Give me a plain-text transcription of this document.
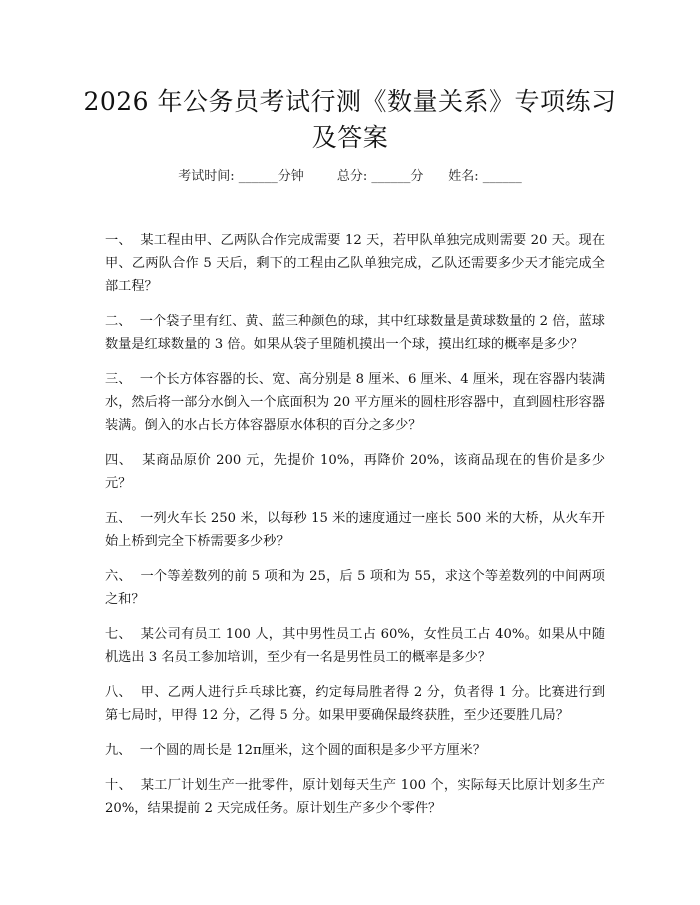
2026 年公务员考试行测《数量关系》专项练习及答案
考试时间: ______分钟	总分: ______分 姓名: ______
一、 某工程由甲、乙两队合作完成需要 12 天，若甲队单独完成则需要 20 天。现在甲、乙两队合作 5 天后，剩下的工程由乙队单独完成，乙队还需要多少天才能完成全部工程？
二、 一个袋子里有红、黄、蓝三种颜色的球，其中红球数量是黄球数量的 2 倍，蓝球数量是红球数量的 3 倍。如果从袋子里随机摸出一个球，摸出红球的概率是多少？
三、 一个长方体容器的长、宽、高分别是 8 厘米、6 厘米、4 厘米，现在容器内装满水，然后将一部分水倒入一个底面积为 20 平方厘米的圆柱形容器中，直到圆柱形容器装满。倒入的水占长方体容器原水体积的百分之多少？
四、 某商品原价 200 元，先提价 10%，再降价 20%，该商品现在的售价是多少元？
五、 一列火车长 250 米，以每秒 15 米的速度通过一座长 500 米的大桥，从火车开始上桥到完全下桥需要多少秒？
六、 一个等差数列的前 5 项和为 25，后 5 项和为 55，求这个等差数列的中间两项之和？
七、 某公司有员工 100 人，其中男性员工占 60%，女性员工占 40%。如果从中随机选出 3 名员工参加培训，至少有一名是男性员工的概率是多少？
八、 甲、乙两人进行乒乓球比赛，约定每局胜者得 2 分，负者得 1 分。比赛进行到第七局时，甲得 12 分，乙得 5 分。如果甲要确保最终获胜，至少还要胜几局？
九、 一个圆的周长是 12π厘米，这个圆的面积是多少平方厘米？
十、 某工厂计划生产一批零件，原计划每天生产 100 个，实际每天比原计划多生产 20%，结果提前 2 天完成任务。原计划生产多少个零件？
